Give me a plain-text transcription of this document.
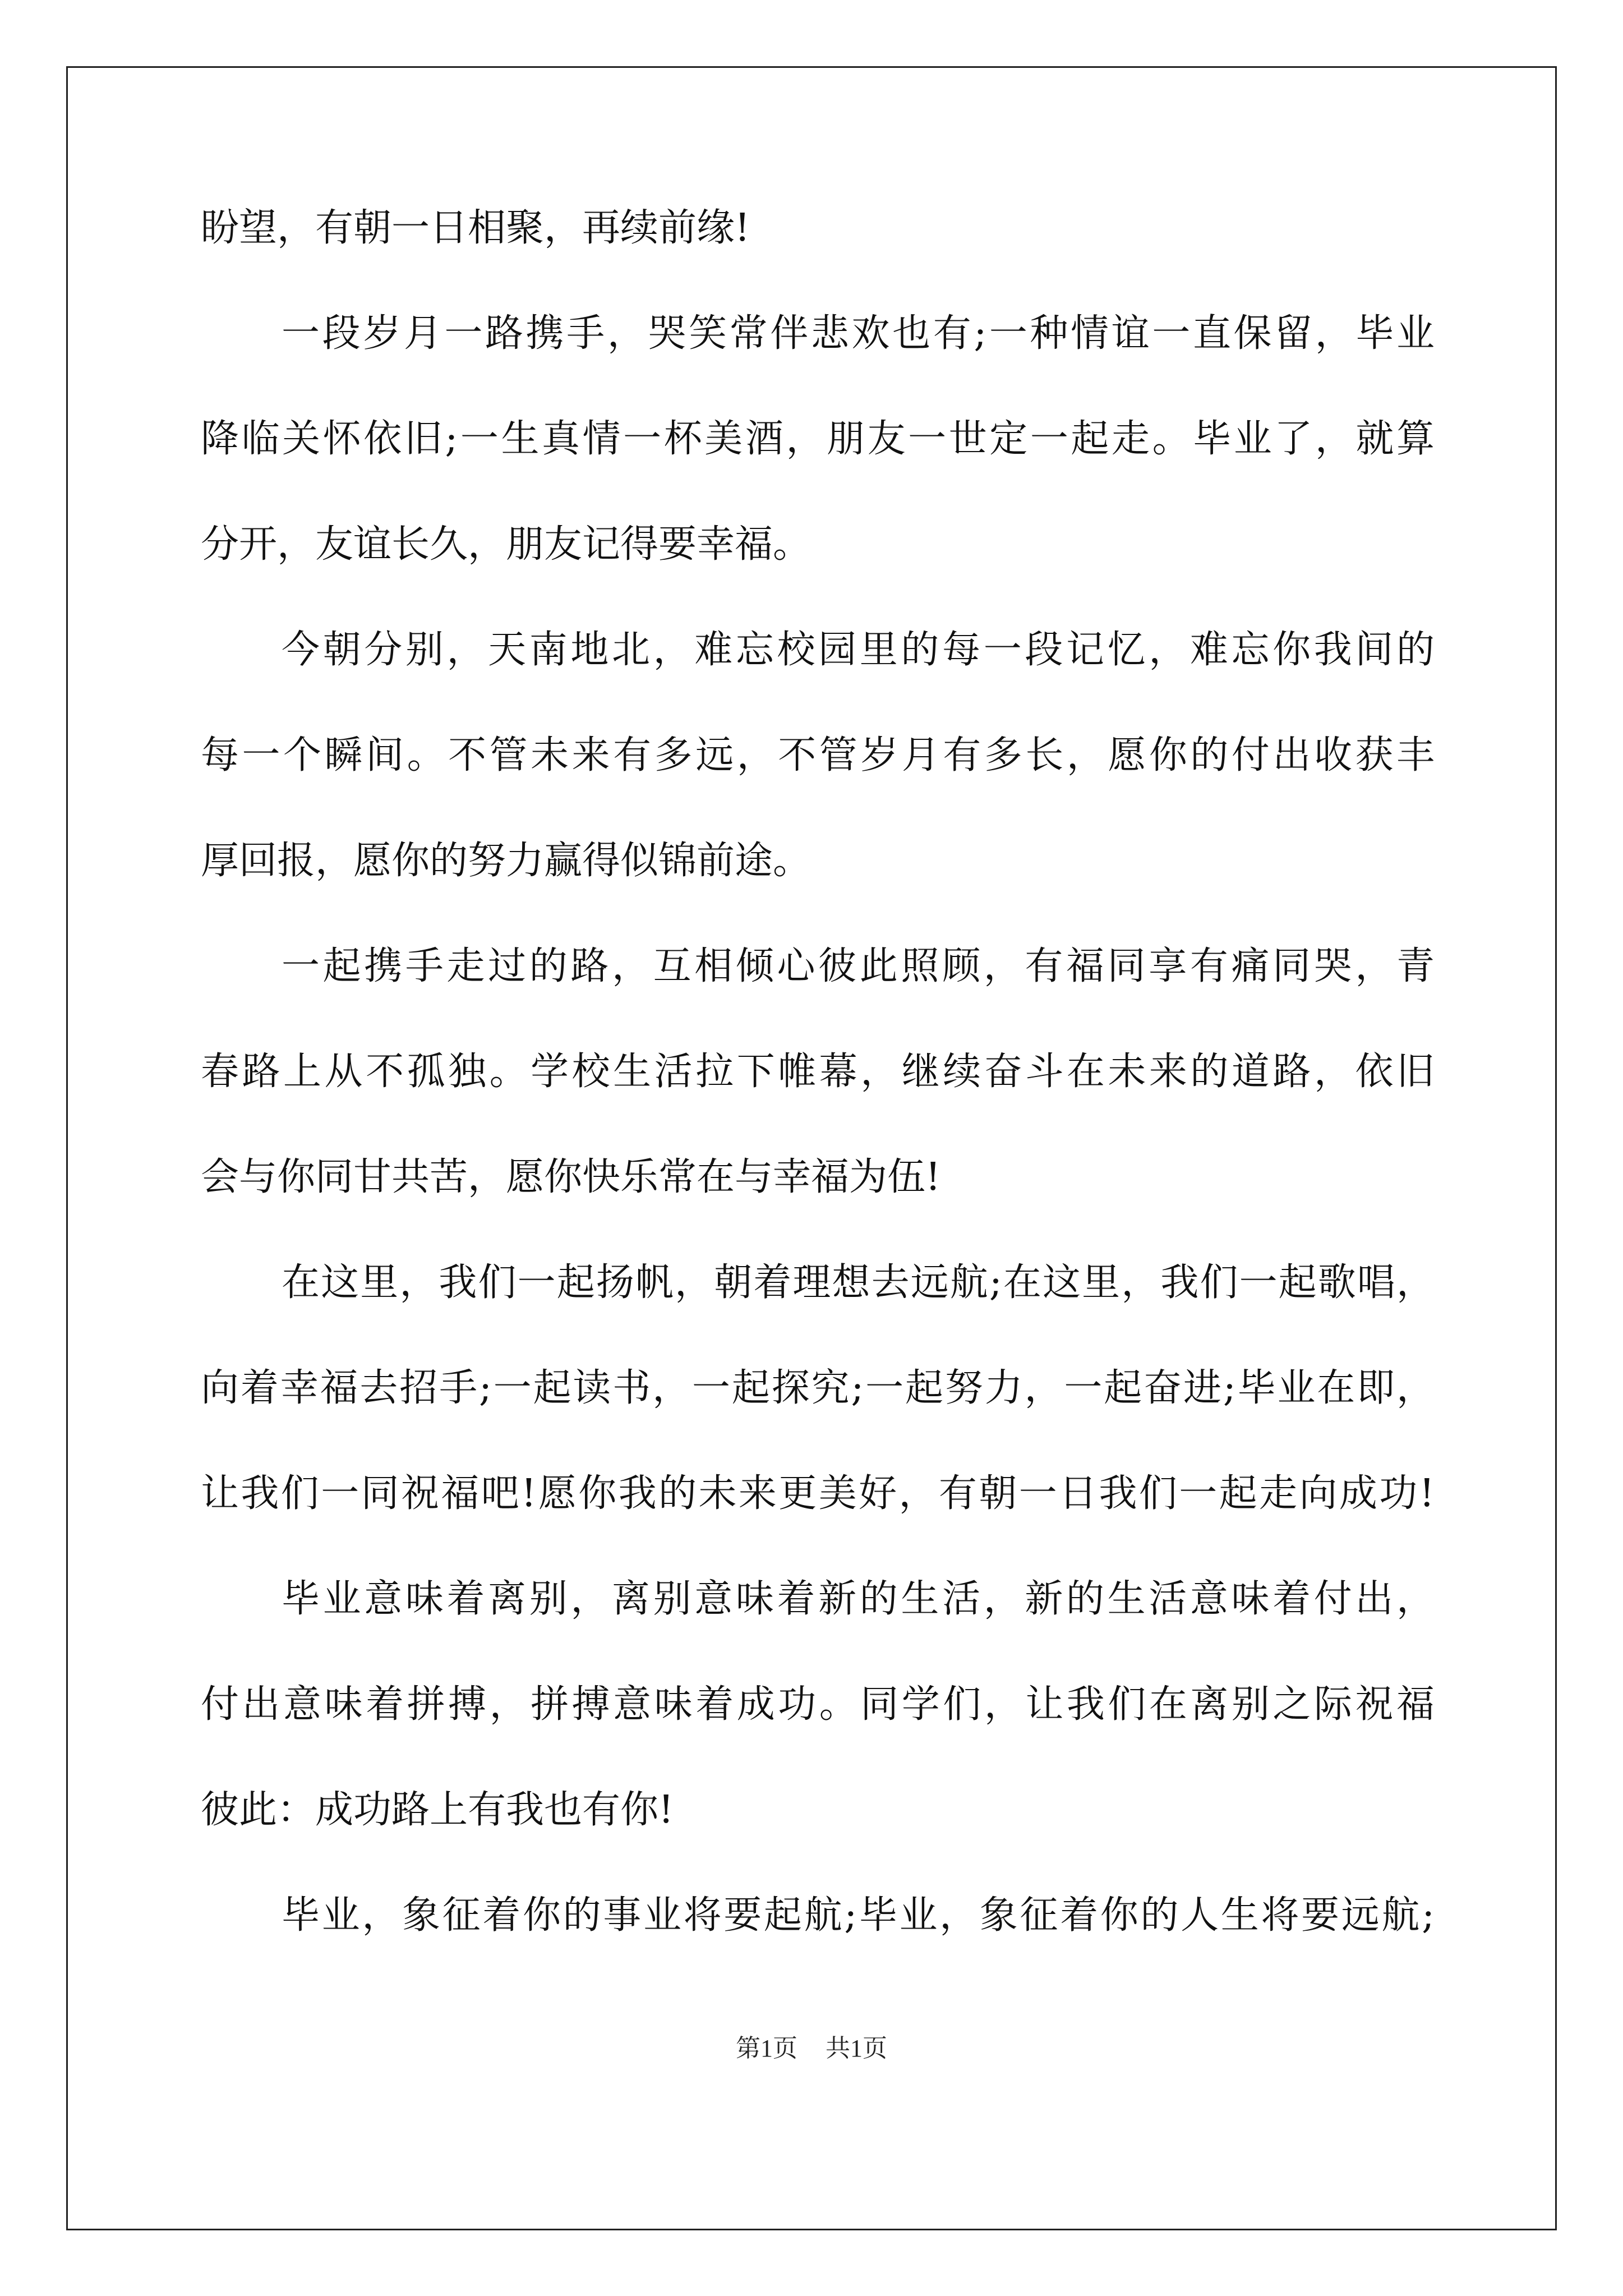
盼望，有朝一日相聚，再续前缘!
一段岁月一路携手，哭笑常伴悲欢也有;一种情谊一直保留，毕业
降临关怀依旧;一生真情一杯美酒，朋友一世定一起走。毕业了，就算
分开，友谊长久，朋友记得要幸福。
今朝分别，天南地北，难忘校园里的每一段记忆，难忘你我间的
每一个瞬间。不管未来有多远，不管岁月有多长，愿你的付出收获丰
厚回报，愿你的努力赢得似锦前途。
一起携手走过的路，互相倾心彼此照顾，有福同享有痛同哭，青
春路上从不孤独。学校生活拉下帷幕，继续奋斗在未来的道路，依旧
会与你同甘共苦，愿你快乐常在与幸福为伍!
在这里，我们一起扬帆，朝着理想去远航;在这里，我们一起歌唱，
向着幸福去招手;一起读书，一起探究;一起努力，一起奋进;毕业在即，
让我们一同祝福吧!愿你我的未来更美好，有朝一日我们一起走向成功!
毕业意味着离别，离别意味着新的生活，新的生活意味着付出，
付出意味着拼搏，拼搏意味着成功。同学们，让我们在离别之际祝福
彼此：成功路上有我也有你!
毕业，象征着你的事业将要起航;毕业，象征着你的人生将要远航;
第1页 共1页
